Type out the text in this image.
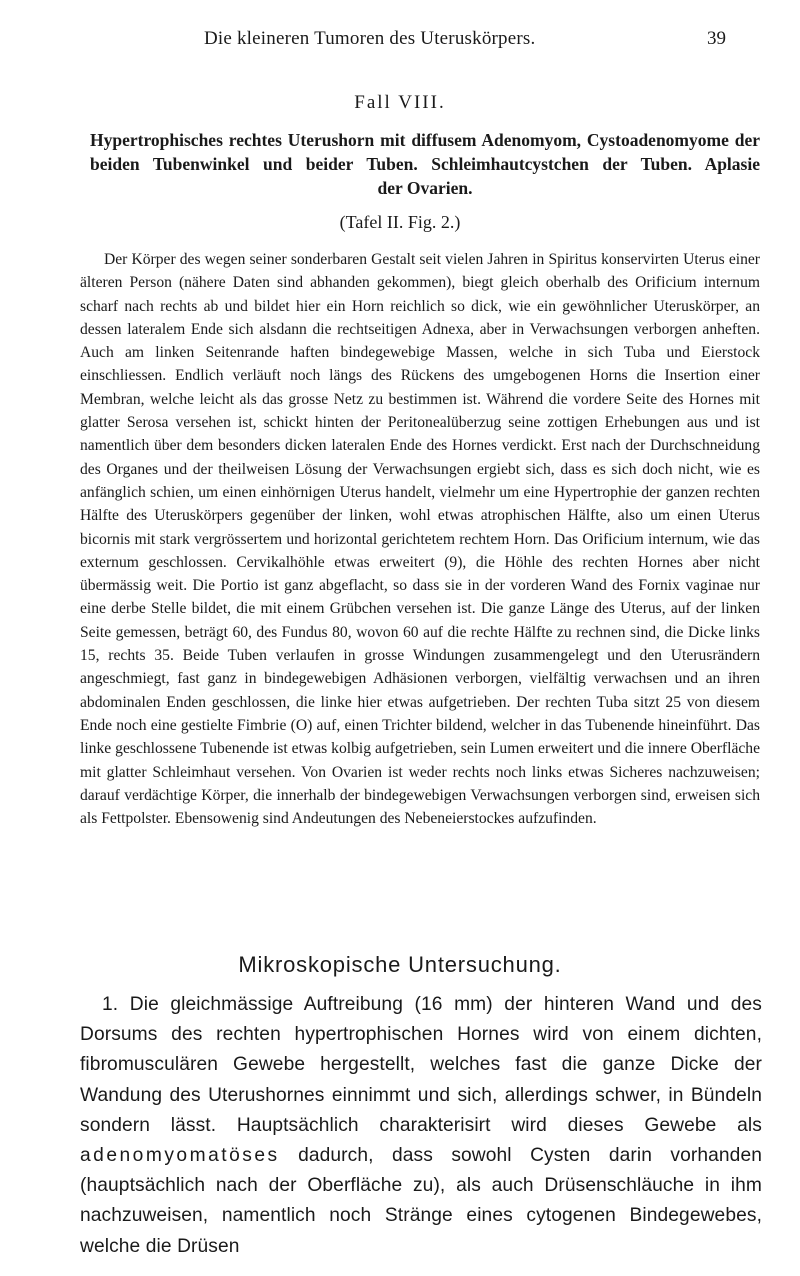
Die kleineren Tumoren des Uteruskörpers.	39
Fall VIII.
Hypertrophisches rechtes Uterushorn mit diffusem Adenomyom, Cystoadenomyome der
beiden Tubenwinkel und beider Tuben. Schleimhautcystchen der Tuben. Aplasie
der Ovarien.
(Tafel II. Fig. 2.)

Der Körper des wegen seiner sonderbaren Gestalt seit vielen Jahren in Spiritus konservirten Uterus einer älteren Person (nähere Daten sind abhanden gekommen), biegt gleich oberhalb des Orificium internum scharf nach rechts ab und bildet hier ein Horn reichlich so dick, wie ein gewöhnlicher Uteruskörper, an dessen lateralem Ende sich alsdann die rechtseitigen Adnexa, aber in Verwachsungen verborgen anheften. Auch am linken Seitenrande haften bindegewebige Massen, welche in sich Tuba und Eierstock einschliessen. Endlich verläuft noch längs des Rückens des umgebogenen Horns die Insertion einer Membran, welche leicht als das grosse Netz zu bestimmen ist. Während die vordere Seite des Hornes mit glatter Serosa versehen ist, schickt hinten der Peritonealüberzug seine zottigen Erhebungen aus und ist namentlich über dem besonders dicken lateralen Ende des Hornes verdickt. Erst nach der Durchschneidung des Organes und der theilweisen Lösung der Verwachsungen ergiebt sich, dass es sich doch nicht, wie es anfänglich schien, um einen einhörnigen Uterus handelt, vielmehr um eine Hypertrophie der ganzen rechten Hälfte des Uteruskörpers gegenüber der linken, wohl etwas atrophischen Hälfte, also um einen Uterus bicornis mit stark vergrössertem und horizontal gerichtetem rechtem Horn. Das Orificium internum, wie das externum geschlossen. Cervikalhöhle etwas erweitert (9), die Höhle des rechten Hornes aber nicht übermässig weit. Die Portio ist ganz abgeflacht, so dass sie in der vorderen Wand des Fornix vaginae nur eine derbe Stelle bildet, die mit einem Grübchen versehen ist. Die ganze Länge des Uterus, auf der linken Seite gemessen, beträgt 60, des Fundus 80, wovon 60 auf die rechte Hälfte zu rechnen sind, die Dicke links 15, rechts 35. Beide Tuben verlaufen in grosse Windungen zusammengelegt und den Uterusrändern angeschmiegt, fast ganz in bindegewebigen Adhäsionen verborgen, vielfältig verwachsen und an ihren abdominalen Enden geschlossen, die linke hier etwas aufgetrieben. Der rechten Tuba sitzt 25 von diesem Ende noch eine gestielte Fimbrie (O) auf, einen Trichter bildend, welcher in das Tubenende hineinführt. Das linke geschlossene Tubenende ist etwas kolbig aufgetrieben, sein Lumen erweitert und die innere Oberfläche mit glatter Schleimhaut versehen. Von Ovarien ist weder rechts noch links etwas Sicheres nachzuweisen; darauf verdächtige Körper, die innerhalb der bindegewebigen Verwachsungen verborgen sind, erweisen sich als Fettpolster. Ebensowenig sind Andeutungen des Nebeneierstockes aufzufinden.

Mikroskopische Untersuchung.

1. Die gleichmässige Auftreibung (16 mm) der hinteren Wand und des Dorsums des rechten hypertrophischen Hornes wird von einem dichten, fibromusculären Gewebe hergestellt, welches fast die ganze Dicke der Wandung des Uterushornes einnimmt und sich, allerdings schwer, in Bündeln sondern lässt. Hauptsächlich charakterisirt wird dieses Gewebe als adenomyomatöses dadurch, dass sowohl Cysten darin vorhanden (hauptsächlich nach der Oberfläche zu), als auch Drüsenschläuche in ihm nachzuweisen, namentlich noch Stränge eines cytogenen Bindegewebes, welche die Drüsen
